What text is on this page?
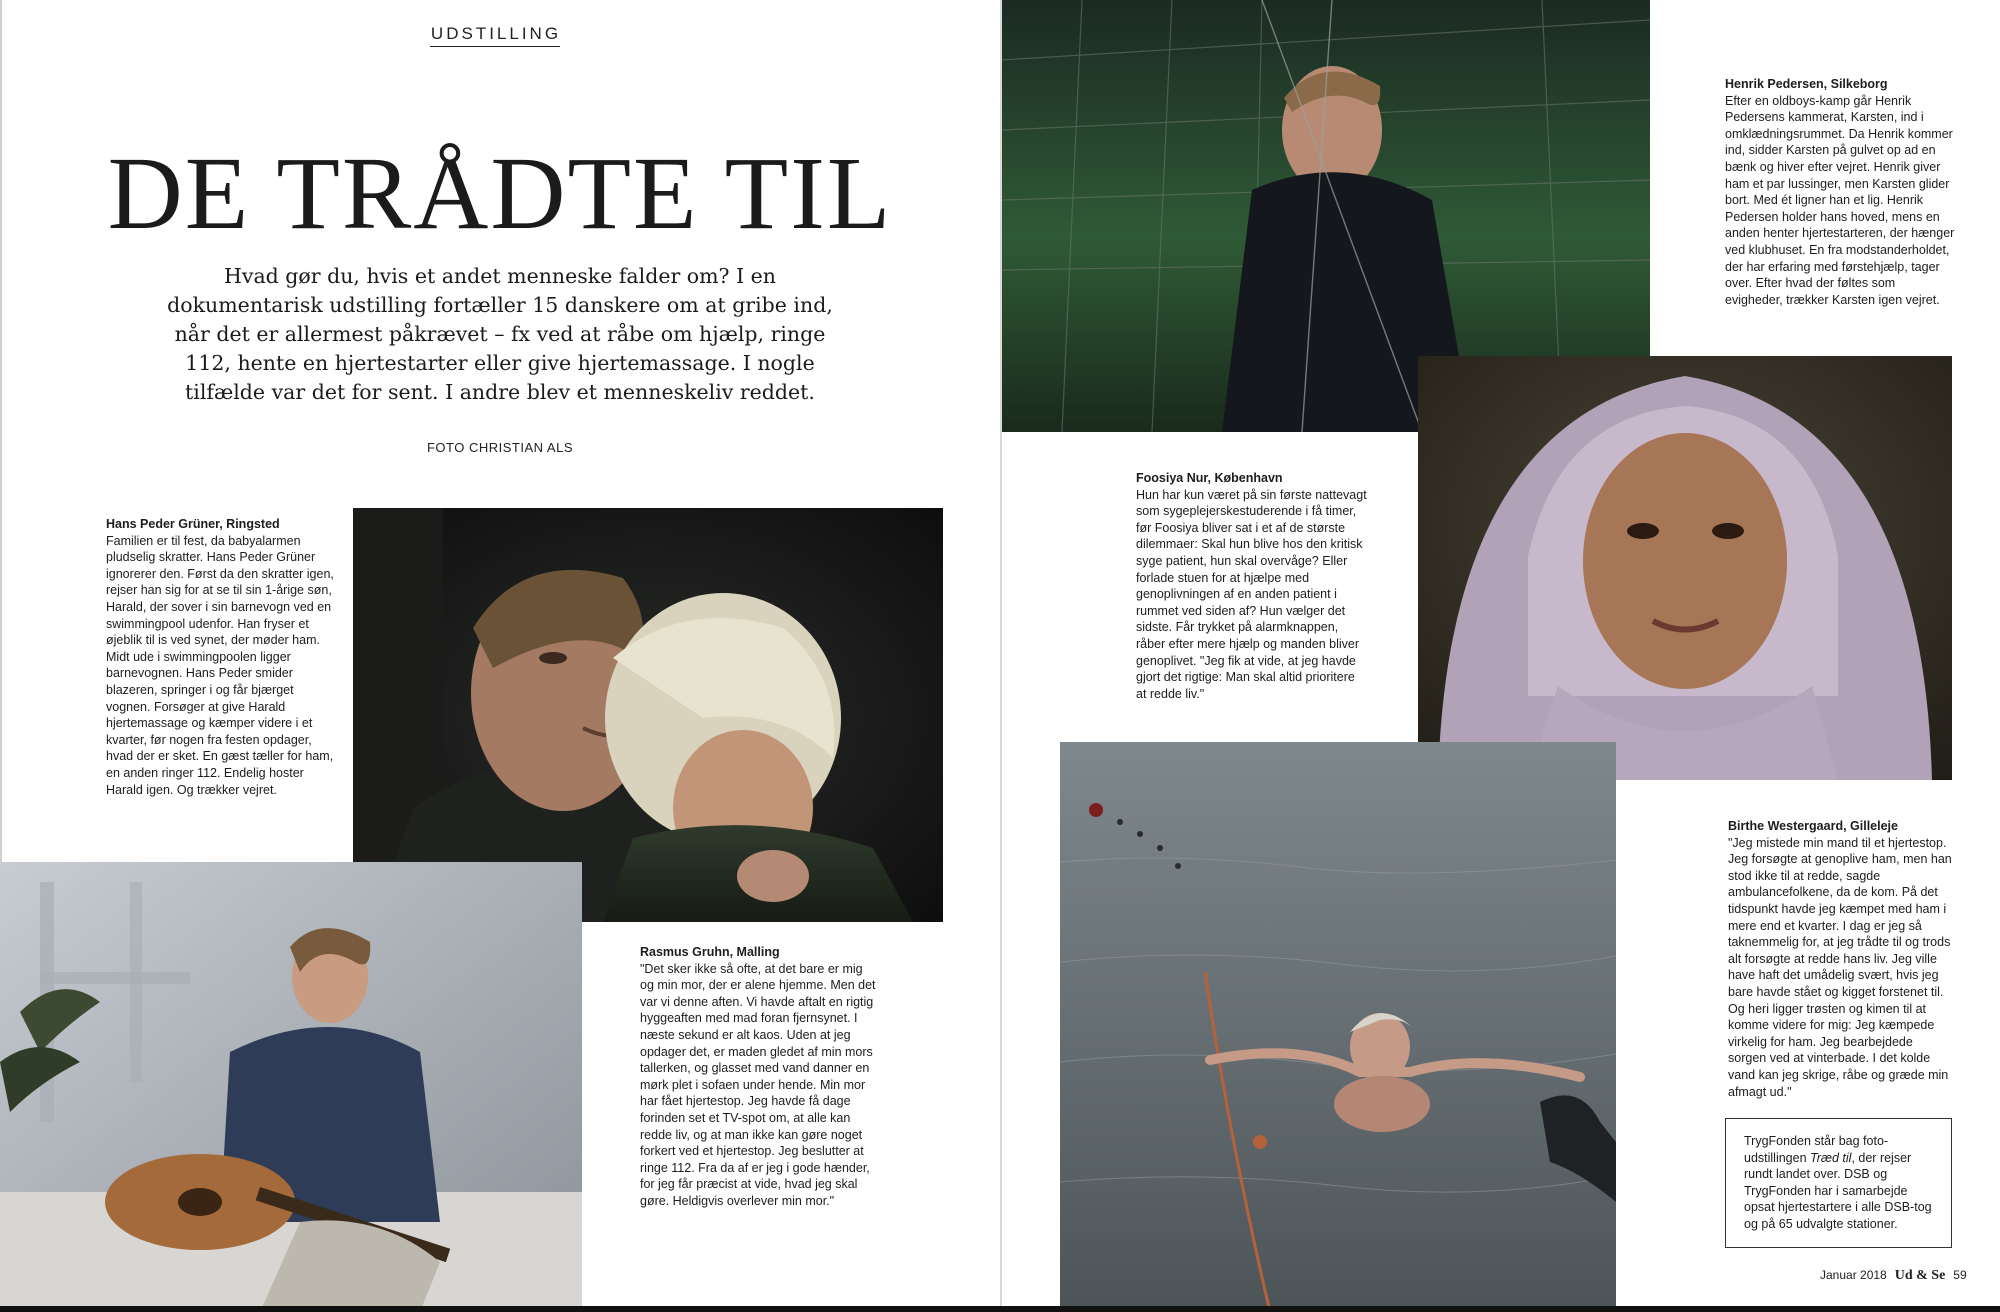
UDSTILLING
DE TRÅDTE TIL
Hvad gør du, hvis et andet menneske falder om? I en dokumentarisk udstilling fortæller 15 danskere om at gribe ind, når det er allermest påkrævet – fx ved at råbe om hjælp, ringe 112, hente en hjertestarter eller give hjertemassage. I nogle tilfælde var det for sent. I andre blev et menneskeliv reddet.
FOTO CHRISTIAN ALS
Hans Peder Grüner, Ringsted
Familien er til fest, da babyalarmen pludselig skratter. Hans Peder Grüner ignorerer den. Først da den skratter igen, rejser han sig for at se til sin 1-årige søn, Harald, der sover i sin barnevogn ved en swimmingpool udenfor. Han fryser et øjeblik til is ved synet, der møder ham. Midt ude i swimmingpoolen ligger barnevognen. Hans Peder smider blazeren, springer i og får bjærget vognen. Forsøger at give Harald hjertemassage og kæmper videre i et kvarter, før nogen fra festen opdager, hvad der er sket. En gæst tæller for ham, en anden ringer 112. Endelig hoster Harald igen. Og trækker vejret.
Rasmus Gruhn, Malling
"Det sker ikke så ofte, at det bare er mig og min mor, der er alene hjemme. Men det var vi denne aften. Vi havde aftalt en rigtig hyggeaften med mad foran fjernsynet. I næste sekund er alt kaos. Uden at jeg opdager det, er maden gledet af min mors tallerken, og glasset med vand danner en mørk plet i sofaen under hende. Min mor har fået hjertestop. Jeg havde få dage forinden set et TV-spot om, at alle kan redde liv, og at man ikke kan gøre noget forkert ved et hjertestop. Jeg beslutter at ringe 112. Fra da af er jeg i gode hænder, for jeg får præcist at vide, hvad jeg skal gøre. Heldigvis overlever min mor."
Henrik Pedersen, Silkeborg
Efter en oldboys-kamp går Henrik Pedersens kammerat, Karsten, ind i omklædningsrummet. Da Henrik kommer ind, sidder Karsten på gulvet op ad en bænk og hiver efter vejret. Henrik giver ham et par lussinger, men Karsten glider bort. Med ét ligner han et lig. Henrik Pedersen holder hans hoved, mens en anden henter hjertestarteren, der hænger ved klubhuset. En fra modstanderholdet, der har erfaring med førstehjælp, tager over. Efter hvad der føltes som evigheder, trækker Karsten igen vejret.
Foosiya Nur, København
Hun har kun været på sin første nattevagt som sygeplejerskestuderende i få timer, før Foosiya bliver sat i et af de største dilemmaer: Skal hun blive hos den kritisk syge patient, hun skal overvåge? Eller forlade stuen for at hjælpe med genoplivningen af en anden patient i rummet ved siden af? Hun vælger det sidste. Får trykket på alarmknappen, råber efter mere hjælp og manden bliver genoplivet. "Jeg fik at vide, at jeg havde gjort det rigtige: Man skal altid prioritere at redde liv."
Birthe Westergaard, Gilleleje
"Jeg mistede min mand til et hjertestop. Jeg forsøgte at genoplive ham, men han stod ikke til at redde, sagde ambulancefolkene, da de kom. På det tidspunkt havde jeg kæmpet med ham i mere end et kvarter. I dag er jeg så taknemmelig for, at jeg trådte til og trods alt forsøgte at redde hans liv. Jeg ville have haft det umådelig svært, hvis jeg bare havde stået og kigget forstenet til. Og heri ligger trøsten og kimen til at komme videre for mig: Jeg kæmpede virkelig for ham. Jeg bearbejdede sorgen ved at vinterbade. I det kolde vand kan jeg skrige, råbe og græde min afmagt ud."
TrygFonden står bag foto-udstillingen Træd til, der rejser rundt landet over. DSB og TrygFonden har i samarbejde opsat hjertestartere i alle DSB-tog og på 65 udvalgte stationer.
Januar 2018 Ud & Se 59
